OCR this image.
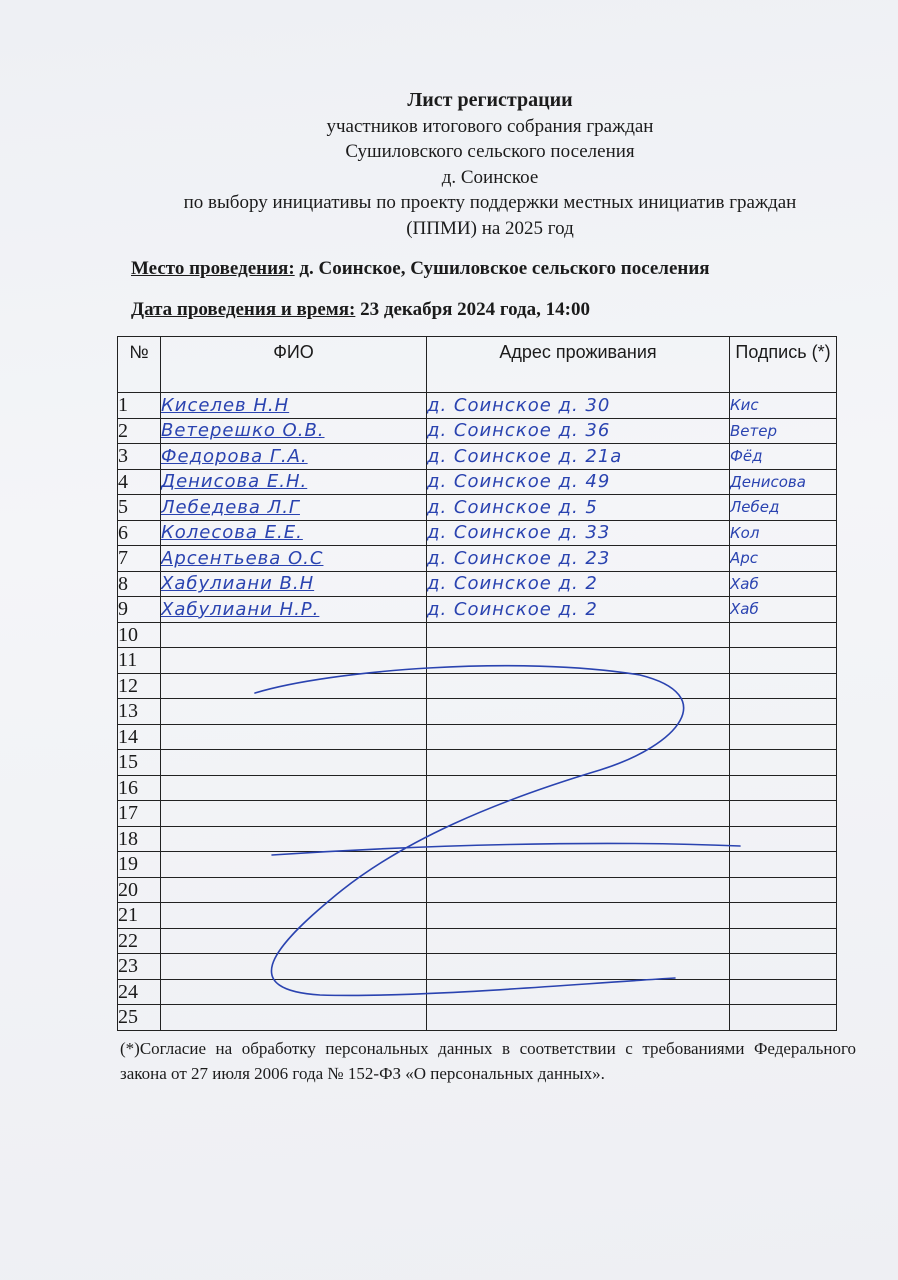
Лист регистрации
участников итогового собрания граждан
Сушиловского сельского поселения
д. Соинское
по выбору инициативы по проекту поддержки местных инициатив граждан
(ППМИ) на 2025 год
Место проведения: д. Соинское, Сушиловское сельского поселения
Дата проведения и время: 23 декабря 2024 года, 14:00
№	ФИО	Адрес проживания	Подпись (*)
1	Киселев Н.Н	д. Соинское д. 30	Кис
2	Ветерешко О.В.	д. Соинское д. 36	Ветер
3	Федорова Г.А.	д. Соинское д. 21а	Фёд
4	Денисова Е.Н.	д. Соинское д. 49	Денисова
5	Лебедева Л.Г	д. Соинское д. 5	Лебед
6	Колесова Е.Е.	д. Соинское д. 33	Кол
7	Арсентьева О.С	д. Соинское д. 23	Арс
8	Хабулиани В.Н	д. Соинское д. 2	Хаб
9	Хабулиани Н.Р.	д. Соинское д. 2	Хаб
10			
11			
12			
13			
14			
15			
16			
17			
18			
19			
20			
21			
22			
23			
24			
25			
(*)Согласие на обработку персональных данных в соответствии с требованиями Федерального закона от 27 июля 2006 года № 152-ФЗ «О персональных данных».
